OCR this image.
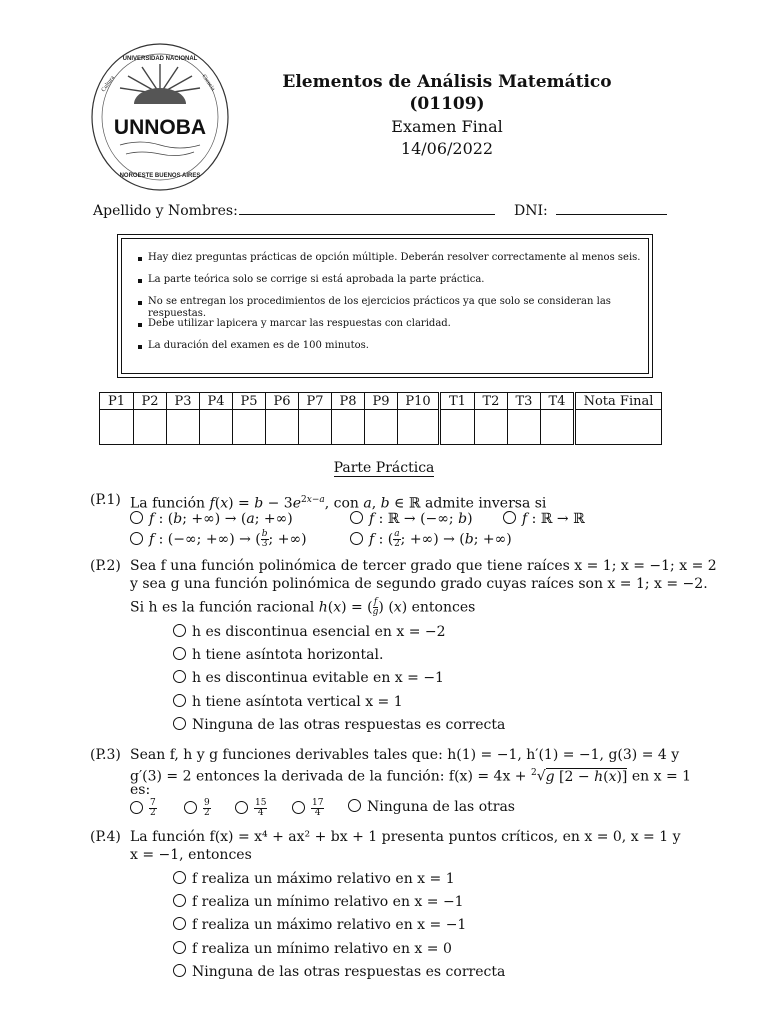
UNNOBA
NOROESTE BUENOS AIRES
UNIVERSIDAD NACIONAL
Cultura	Ciencia	Elementos de Análisis Matemático
(01109)
Examen Final
14/06/2022
Apellido y Nombres:	DNI:
Hay diez preguntas prácticas de opción múltiple. Deberán resolver correctamente al menos seis.
La parte teórica solo se corrige si está aprobada la parte práctica.
No se entregan los procedimientos de los ejercicios prácticos ya que solo se consideran las respuestas.
Debe utilizar lapicera y marcar las respuestas con claridad.
La duración del examen es de 100 minutos.
P1	P2	P3	P4	P5	P6	P7	P8	P9	P10	T1	T2	T3	T4	Nota Final

Parte Práctica
(P.1) La función $f(x) = b - 3e^{2x-a}$, con a, b ∈ ℝ admite inversa si
f : (b; +∞) → (a; +∞)	f : ℝ → (−∞; b)	f : ℝ → ℝ
f : (−∞; +∞) → ( $\frac{b}{3}$ ; +∞)	f : ( $\frac{a}{2}$ ; +∞) → (b; +∞)
(P.2) Sea f una función polinómica de tercer grado que tiene raíces x = 1; x = −1; x = 2
y sea g una función polinómica de segundo grado cuyas raíces son x = 1; x = −2.
Si h es la función racional h(x) = ( $\frac{f}{g}$ ) (x) entonces
h es discontinua esencial en x = −2
h tiene asíntota horizontal.
h es discontinua evitable en x = −1
h tiene asíntota vertical x = 1
Ninguna de las otras respuestas es correcta
(P.3) Sean f, h y g funciones derivables tales que: h(1) = −1, h′(1) = −1, g(3) = 4 y
g′(3) = 2 entonces la derivada de la función: f(x) = 4x + $^2$√g [2 − h(x)] en x = 1
es:
$\frac{7}{2}$	$\frac{9}{2}$	$\frac{15}{4}$	$\frac{17}{4}$	Ninguna de las otras
(P.4) La función f(x) = x⁴ + ax² + bx + 1 presenta puntos críticos, en x = 0, x = 1 y
x = −1, entonces
f realiza un máximo relativo en x = 1
f realiza un mínimo relativo en x = −1
f realiza un máximo relativo en x = −1
f realiza un mínimo relativo en x = 0
Ninguna de las otras respuestas es correcta
